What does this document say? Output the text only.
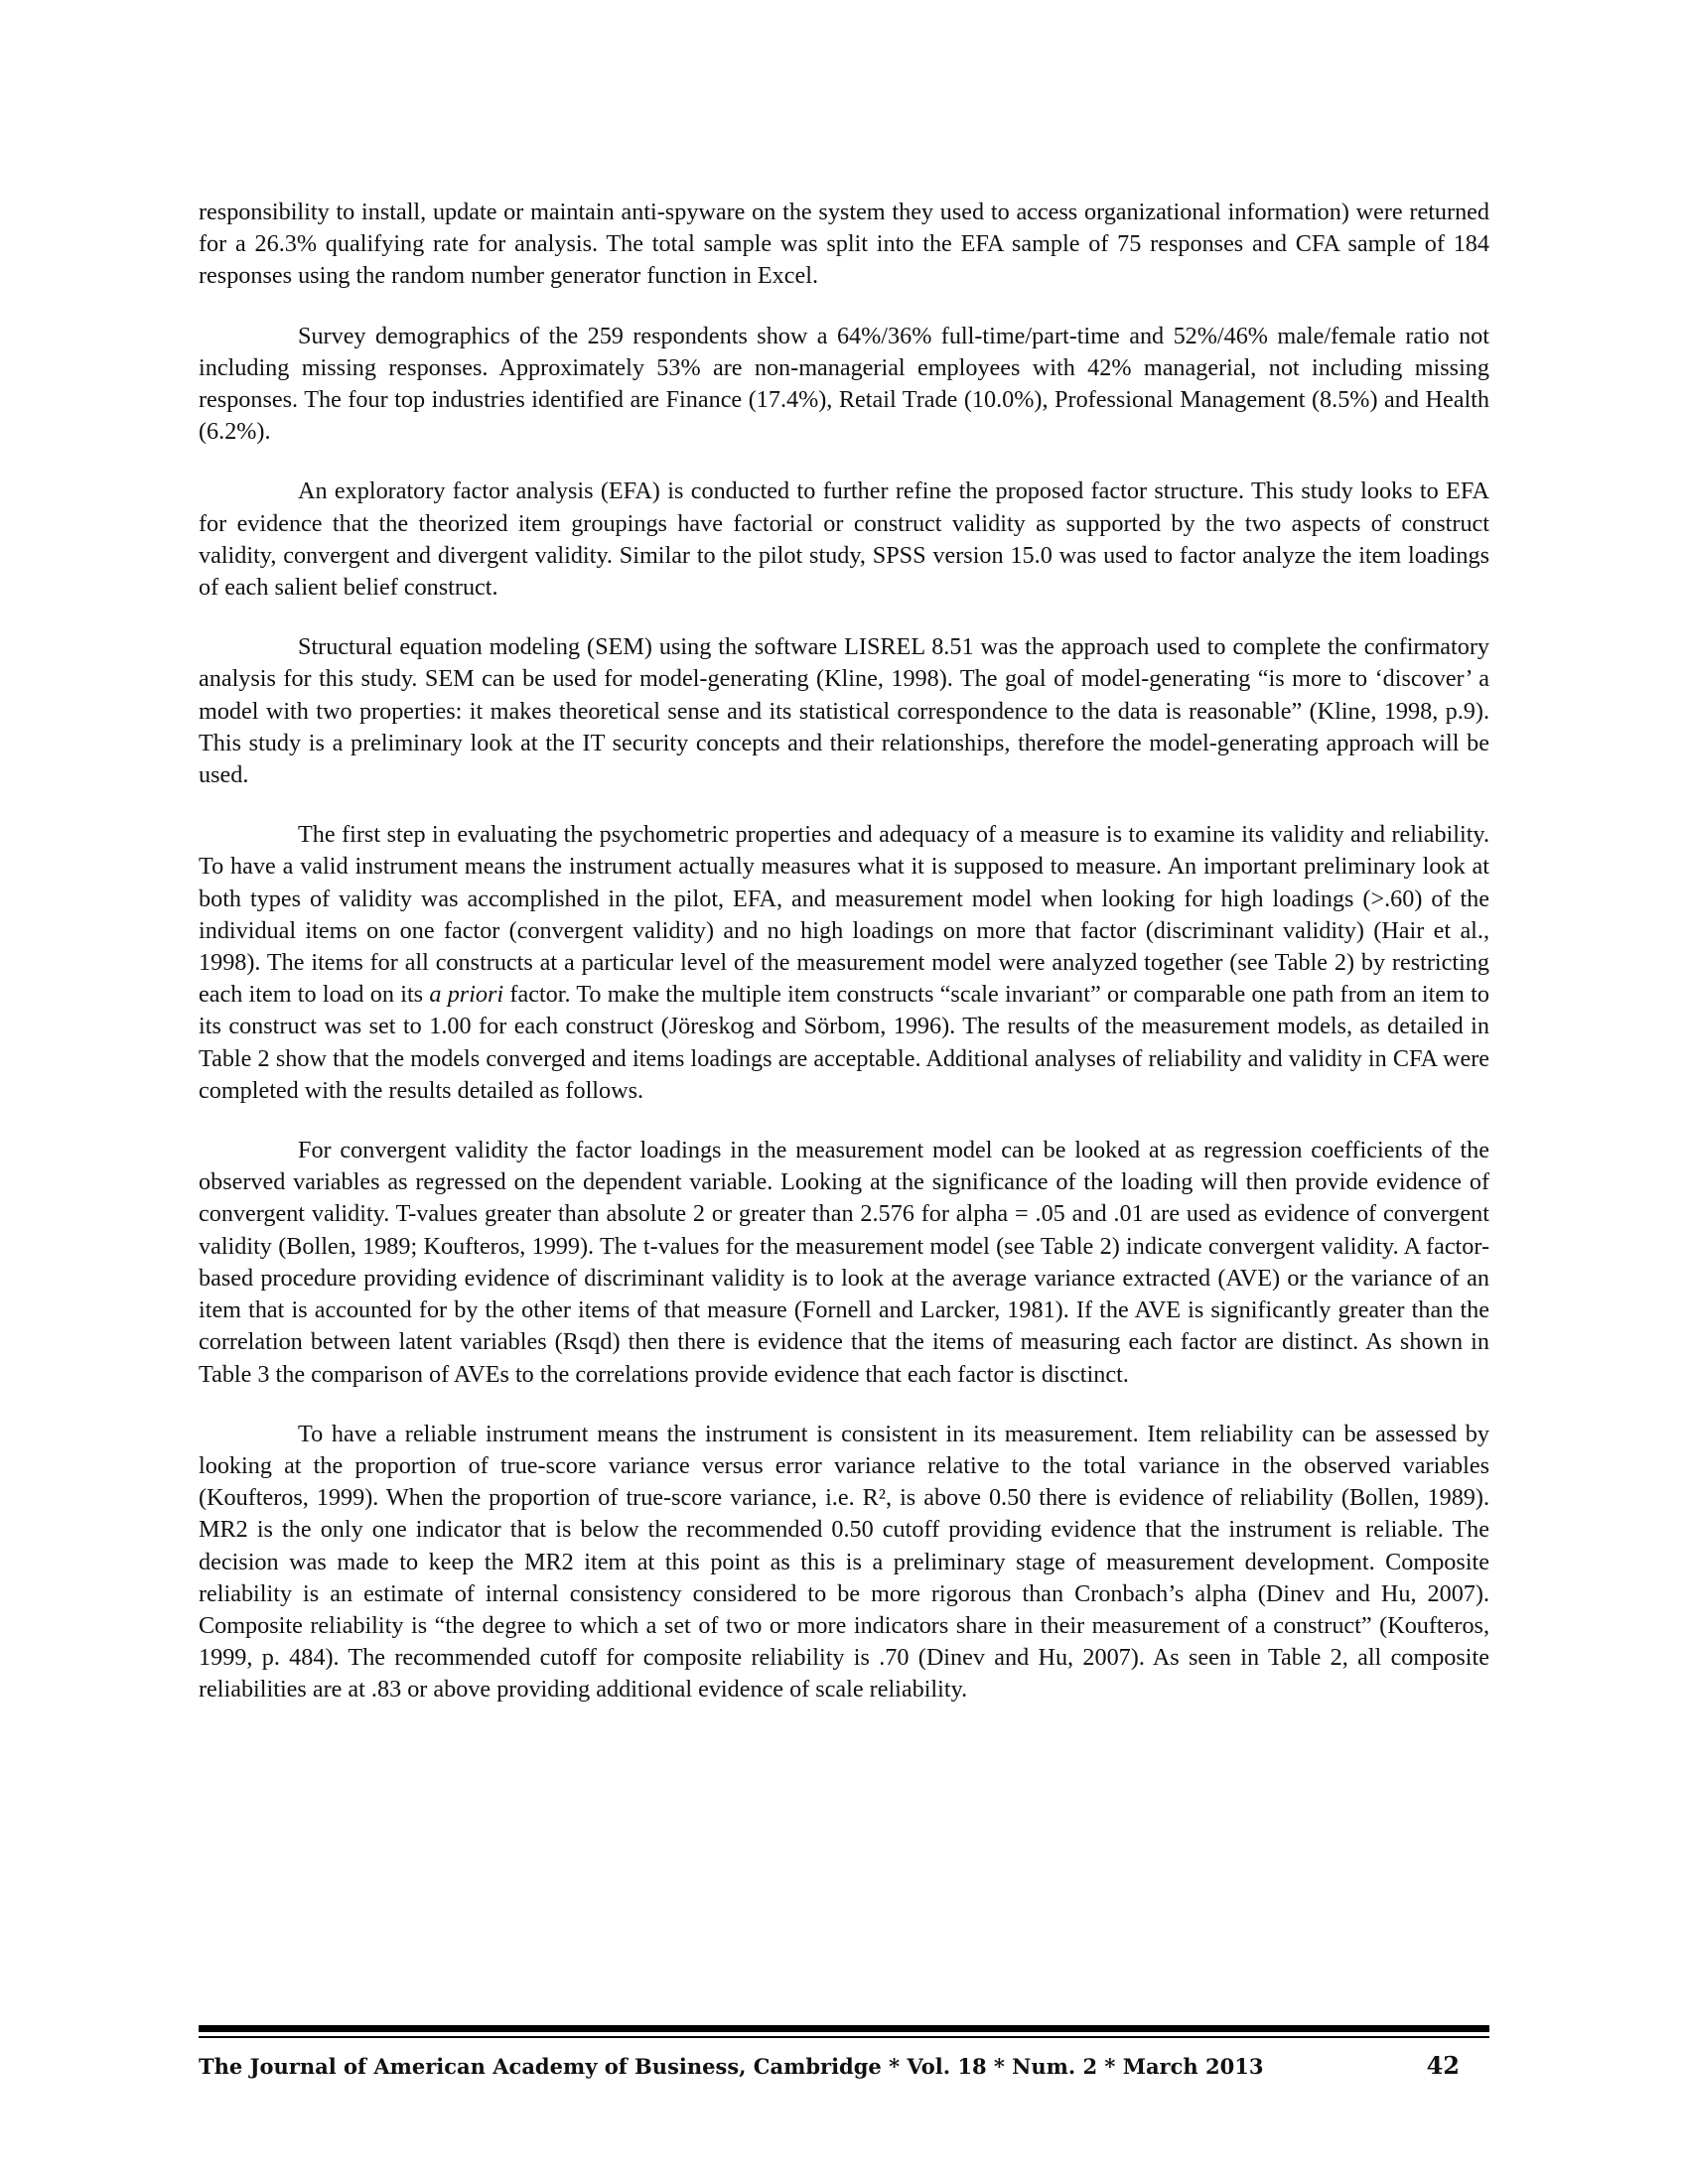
responsibility to install, update or maintain anti-spyware on the system they used to access organizational information) were returned for a 26.3% qualifying rate for analysis. The total sample was split into the EFA sample of 75 responses and CFA sample of 184 responses using the random number generator function in Excel.

Survey demographics of the 259 respondents show a 64%/36% full-time/part-time and 52%/46% male/female ratio not including missing responses. Approximately 53% are non-managerial employees with 42% managerial, not including missing responses. The four top industries identified are Finance (17.4%), Retail Trade (10.0%), Professional Management (8.5%) and Health (6.2%).

An exploratory factor analysis (EFA) is conducted to further refine the proposed factor structure. This study looks to EFA for evidence that the theorized item groupings have factorial or construct validity as supported by the two aspects of construct validity, convergent and divergent validity. Similar to the pilot study, SPSS version 15.0 was used to factor analyze the item loadings of each salient belief construct.

Structural equation modeling (SEM) using the software LISREL 8.51 was the approach used to complete the confirmatory analysis for this study. SEM can be used for model-generating (Kline, 1998). The goal of model-generating “is more to ‘discover’ a model with two properties: it makes theoretical sense and its statistical correspondence to the data is reasonable” (Kline, 1998, p.9). This study is a preliminary look at the IT security concepts and their relationships, therefore the model-generating approach will be used.

The first step in evaluating the psychometric properties and adequacy of a measure is to examine its validity and reliability. To have a valid instrument means the instrument actually measures what it is supposed to measure. An important preliminary look at both types of validity was accomplished in the pilot, EFA, and measurement model when looking for high loadings (>.60) of the individual items on one factor (convergent validity) and no high loadings on more that factor (discriminant validity) (Hair et al., 1998). The items for all constructs at a particular level of the measurement model were analyzed together (see Table 2) by restricting each item to load on its a priori factor. To make the multiple item constructs “scale invariant” or comparable one path from an item to its construct was set to 1.00 for each construct (Jöreskog and Sörbom, 1996). The results of the measurement models, as detailed in Table 2 show that the models converged and items loadings are acceptable. Additional analyses of reliability and validity in CFA were completed with the results detailed as follows.

For convergent validity the factor loadings in the measurement model can be looked at as regression coefficients of the observed variables as regressed on the dependent variable. Looking at the significance of the loading will then provide evidence of convergent validity. T-values greater than absolute 2 or greater than 2.576 for alpha = .05 and .01 are used as evidence of convergent validity (Bollen, 1989; Koufteros, 1999). The t-values for the measurement model (see Table 2) indicate convergent validity. A factor-based procedure providing evidence of discriminant validity is to look at the average variance extracted (AVE) or the variance of an item that is accounted for by the other items of that measure (Fornell and Larcker, 1981). If the AVE is significantly greater than the correlation between latent variables (Rsqd) then there is evidence that the items of measuring each factor are distinct. As shown in Table 3 the comparison of AVEs to the correlations provide evidence that each factor is disctinct.

To have a reliable instrument means the instrument is consistent in its measurement. Item reliability can be assessed by looking at the proportion of true-score variance versus error variance relative to the total variance in the observed variables (Koufteros, 1999). When the proportion of true-score variance, i.e. R², is above 0.50 there is evidence of reliability (Bollen, 1989). MR2 is the only one indicator that is below the recommended 0.50 cutoff providing evidence that the instrument is reliable. The decision was made to keep the MR2 item at this point as this is a preliminary stage of measurement development. Composite reliability is an estimate of internal consistency considered to be more rigorous than Cronbach’s alpha (Dinev and Hu, 2007). Composite reliability is “the degree to which a set of two or more indicators share in their measurement of a construct” (Koufteros, 1999, p. 484). The recommended cutoff for composite reliability is .70 (Dinev and Hu, 2007). As seen in Table 2, all composite reliabilities are at .83 or above providing additional evidence of scale reliability.

The Journal of American Academy of Business, Cambridge * Vol. 18 * Num. 2 * March 2013	42
